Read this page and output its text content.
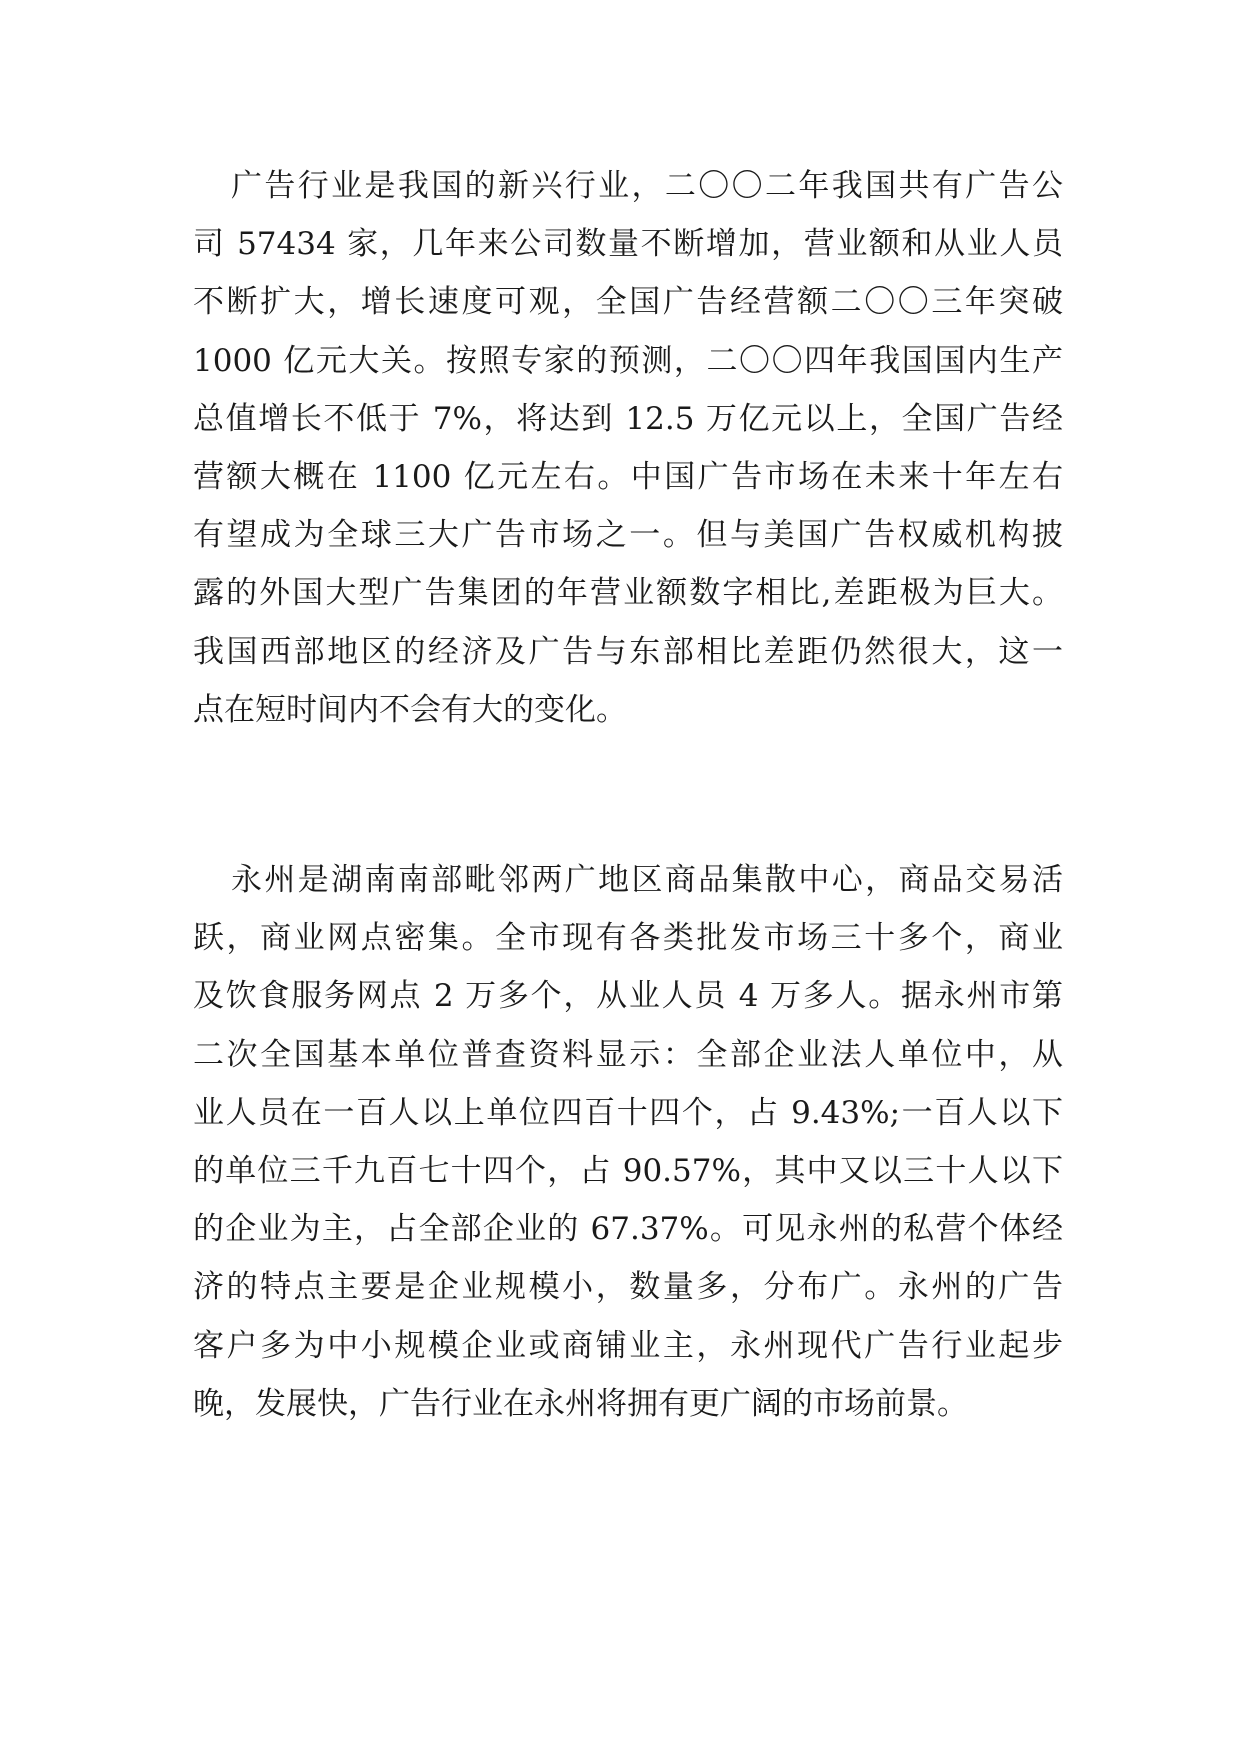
广告行业是我国的新兴行业，二〇〇二年我国共有广告公
司 57434 家，几年来公司数量不断增加，营业额和从业人员
不断扩大，增长速度可观，全国广告经营额二〇〇三年突破
1000 亿元大关。按照专家的预测，二〇〇四年我国国内生产
总值增长不低于 7%，将达到 12.5 万亿元以上，全国广告经
营额大概在 1100 亿元左右。中国广告市场在未来十年左右
有望成为全球三大广告市场之一。但与美国广告权威机构披
露的外国大型广告集团的年营业额数字相比,差距极为巨大。
我国西部地区的经济及广告与东部相比差距仍然很大，这一
点在短时间内不会有大的变化。
永州是湖南南部毗邻两广地区商品集散中心，商品交易活
跃，商业网点密集。全市现有各类批发市场三十多个，商业
及饮食服务网点 2 万多个，从业人员 4 万多人。据永州市第
二次全国基本单位普查资料显示：全部企业法人单位中，从
业人员在一百人以上单位四百十四个，占 9.43%;一百人以下
的单位三千九百七十四个，占 90.57%，其中又以三十人以下
的企业为主，占全部企业的 67.37%。可见永州的私营个体经
济的特点主要是企业规模小，数量多，分布广。永州的广告
客户多为中小规模企业或商铺业主，永州现代广告行业起步
晚，发展快，广告行业在永州将拥有更广阔的市场前景。
